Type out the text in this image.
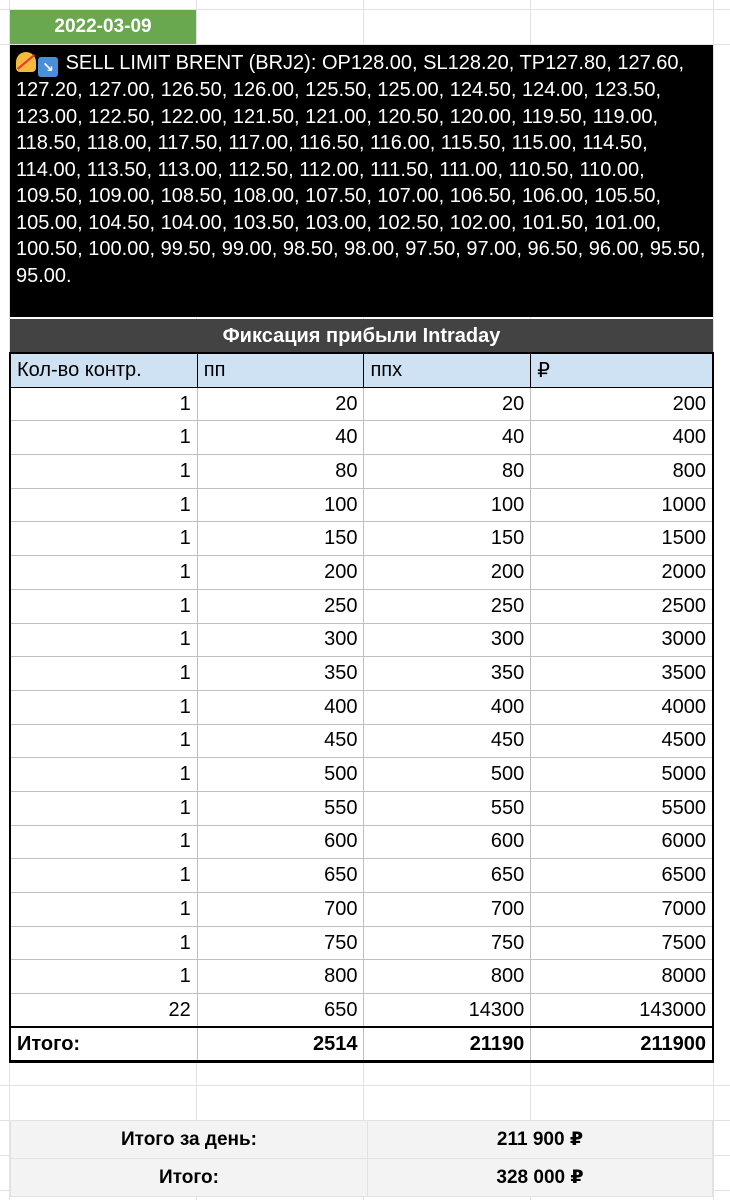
2022-03-09
↘ SELL LIMIT BRENT (BRJ2): OP128.00, SL128.20, TP127.80, 127.60, 127.20, 127.00, 126.50, 126.00, 125.50, 125.00, 124.50, 124.00, 123.50, 123.00, 122.50, 122.00, 121.50, 121.00, 120.50, 120.00, 119.50, 119.00, 118.50, 118.00, 117.50, 117.00, 116.50, 116.00, 115.50, 115.00, 114.50, 114.00, 113.50, 113.00, 112.50, 112.00, 111.50, 111.00, 110.50, 110.00, 109.50, 109.00, 108.50, 108.00, 107.50, 107.00, 106.50, 106.00, 105.50, 105.00, 104.50, 104.00, 103.50, 103.00, 102.50, 102.00, 101.50, 101.00, 100.50, 100.00, 99.50, 99.00, 98.50, 98.00, 97.50, 97.00, 96.50, 96.00, 95.50, 95.00.
Фиксация прибыли Intraday
Кол-во контр.	пп	ппх	₽
1	20	20	200
1	40	40	400
1	80	80	800
1	100	100	1000
1	150	150	1500
1	200	200	2000
1	250	250	2500
1	300	300	3000
1	350	350	3500
1	400	400	4000
1	450	450	4500
1	500	500	5000
1	550	550	5500
1	600	600	6000
1	650	650	6500
1	700	700	7000
1	750	750	7500
1	800	800	8000
22	650	14300	143000
Итого:	2514	21190	211900
Итого за день:	211 900 ₽
Итого:	328 000 ₽
